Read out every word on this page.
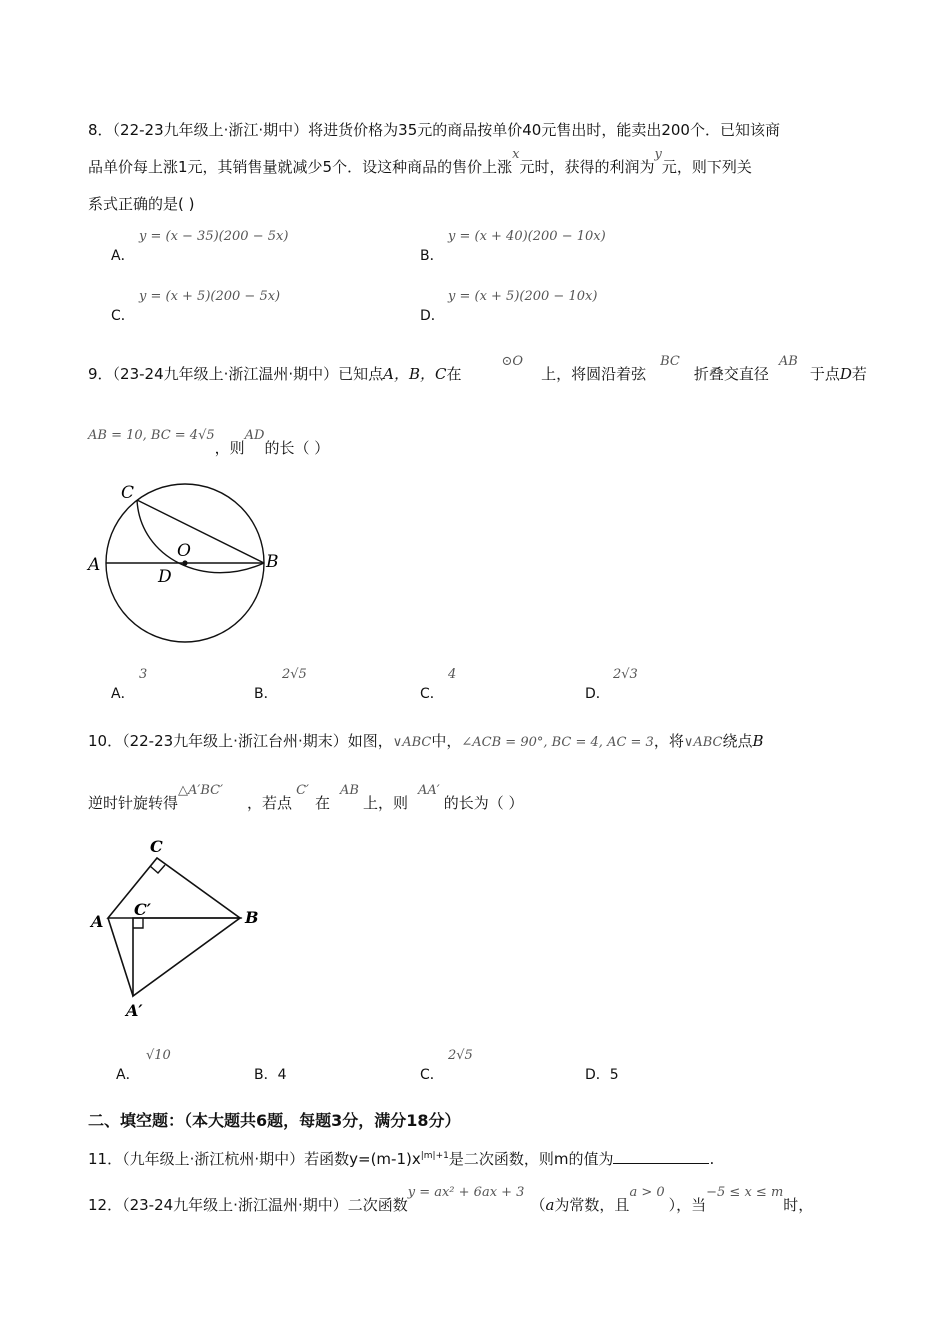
8．（22-23九年级上·浙江·期中）将进货价格为35元的商品按单价40元售出时，能卖出200个．已知该商
品单价每上涨1元，其销售量就减少5个．设这种商品的售价上涨x元时，获得的利润为y元，则下列关
系式正确的是( )
A．
y = (x − 35)(200 − 5x)
B．
y = (x + 40)(200 − 10x)
C．
y = (x + 5)(200 − 5x)
D．
y = (x + 5)(200 − 10x)
9．（23-24九年级上·浙江温州·期中）已知点A，B，C在⊙O上，将圆沿着弦BC折叠交直径AB于点D若
AB = 10, BC = 4√5，则AD的长（ ）
C
A	B
O
D
A．
3
B．
2√5
C．
4
D．
2√3
10．（22-23九年级上·浙江台州·期末）如图，∨ABC中，∠ACB = 90°, BC = 4, AC = 3，将∨ABC绕点B
逆时针旋转得△A′BC′，若点C′在AB上，则AA′的长为（ ）
C
A	B
C′
A′
A．
√10
B．4	C．
2√5
D．5
二、填空题：（本大题共6题，每题3分，满分18分）
11．（九年级上·浙江杭州·期中）若函数$y=(m-1)x^{|m|+1}$是二次函数，则m的值为	.
12．（23-24九年级上·浙江温州·期中）二次函数y = ax² + 6ax + 3（a为常数，且a > 0），当−5 ≤ x ≤ m时，
